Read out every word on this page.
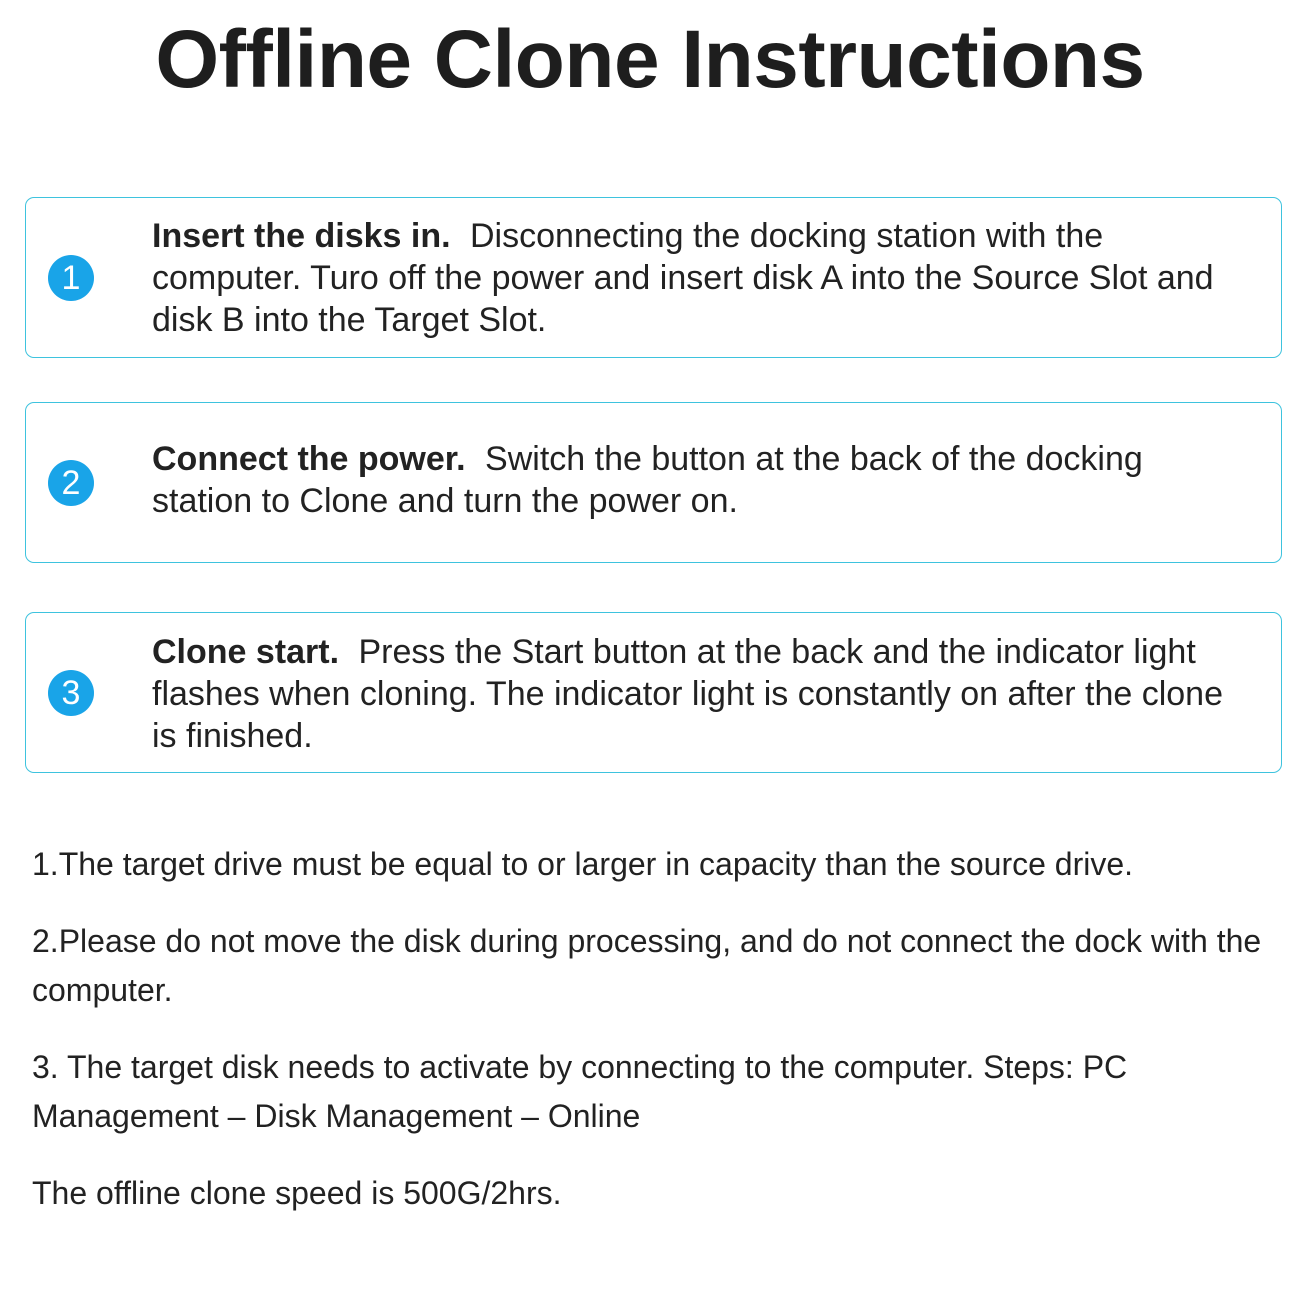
Offline Clone Instructions
1
Insert the disks in. Disconnecting the docking station with the computer. Turo off the power and insert disk A into the Source Slot and disk B into the Target Slot.
2
Connect the power. Switch the button at the back of the docking station to Clone and turn the power on.
3
Clone start. Press the Start button at the back and the indicator light flashes when cloning. The indicator light is constantly on after the clone is finished.

1.The target drive must be equal to or larger in capacity than the source drive.

2.Please do not move the disk during processing, and do not connect the dock with the computer.

3. The target disk needs to activate by connecting to the computer. Steps: PC Management – Disk Management – Online

The offline clone speed is 500G/2hrs.
